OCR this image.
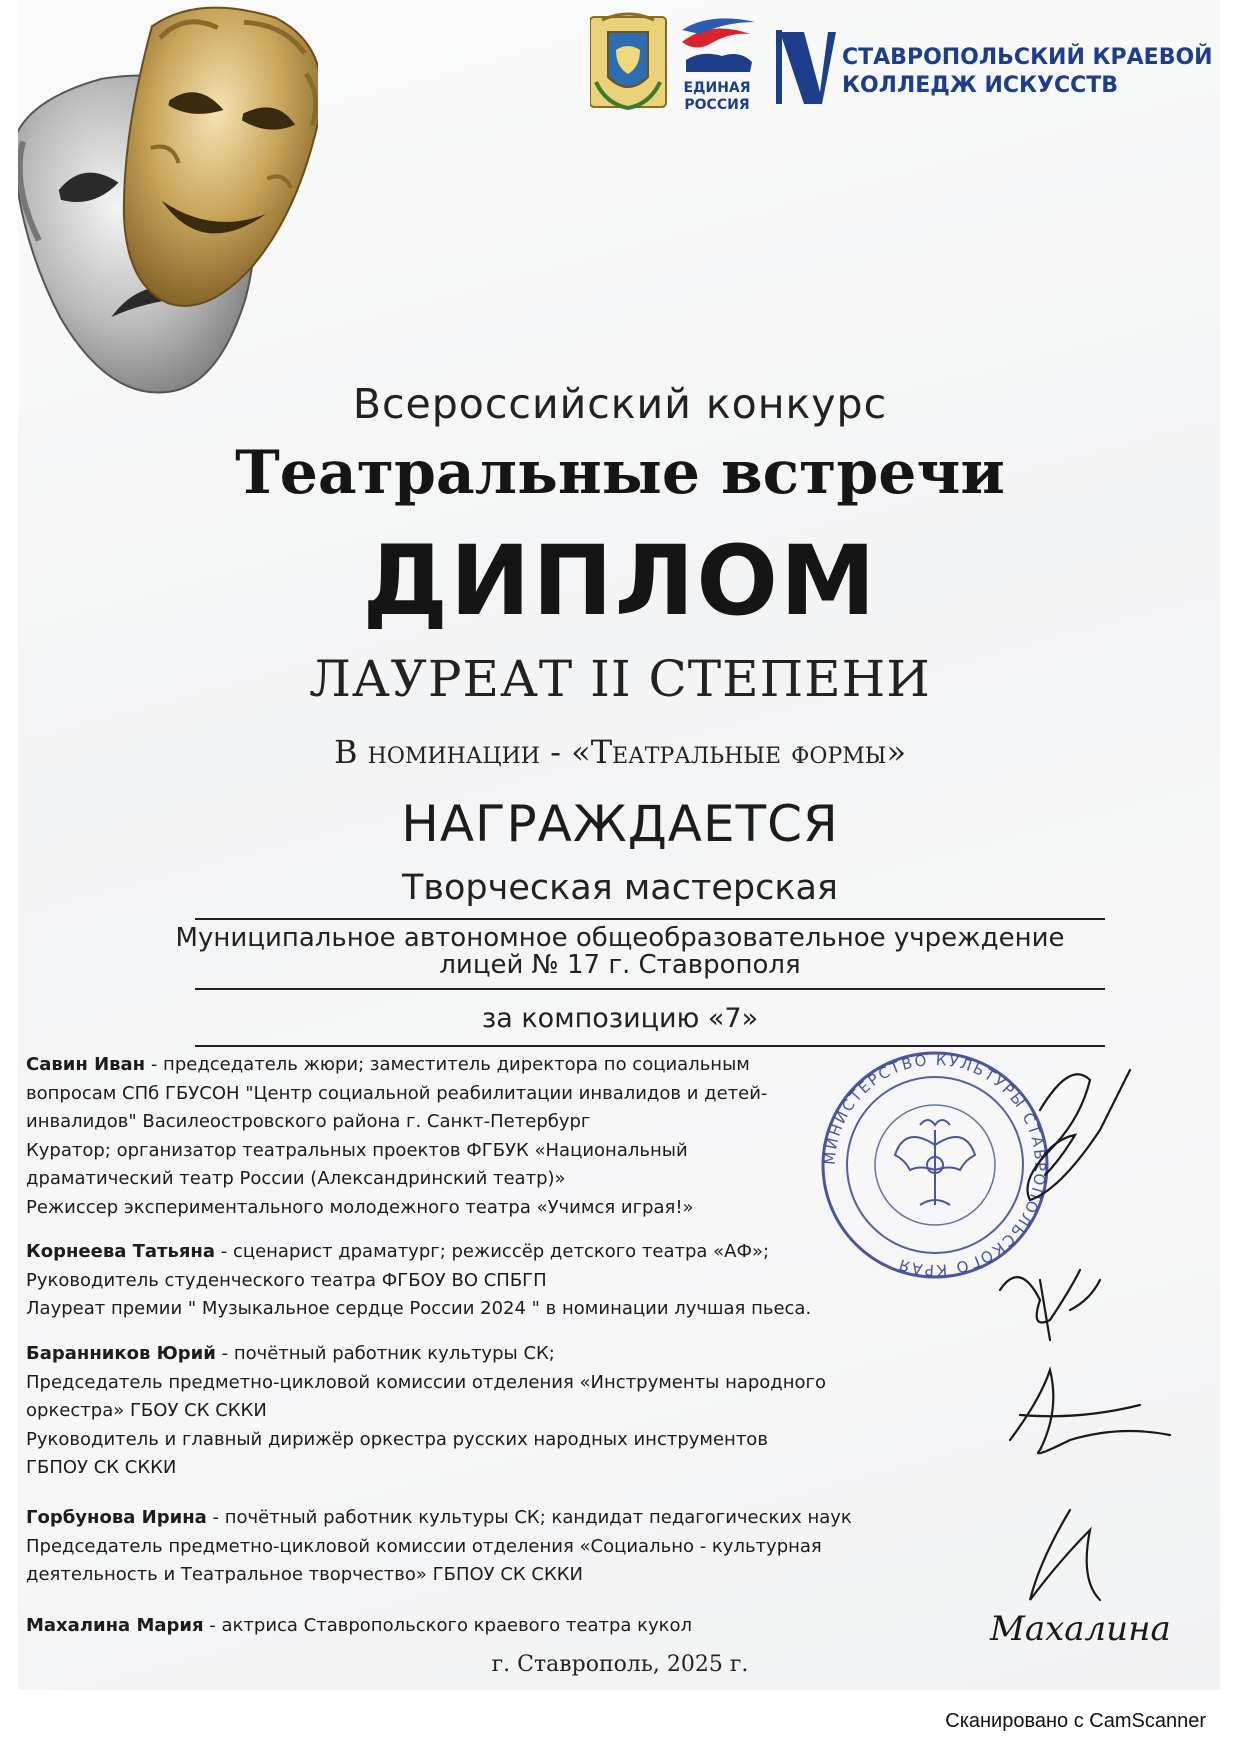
ЕДИНАЯ
РОССИЯ
СТАВРОПОЛЬСКИЙ КРАЕВОЙ
КОЛЛЕДЖ ИСКУССТВ
Всероссийский конкурс
Театральные встречи
ДИПЛОМ
ЛАУРЕАТ II СТЕПЕНИ
В номинации - «Театральные формы»
НАГРАЖДАЕТСЯ
Творческая мастерская
Муниципальное автономное общеобразовательное учреждение
лицей № 17 г. Ставрополя
за композицию «7»
Савин Иван - председатель жюри; заместитель директора по социальным
вопросам СПб ГБУСОН "Центр социальной реабилитации инвалидов и детей-
инвалидов" Василеостровского района г. Санкт-Петербург
Куратор; организатор театральных проектов ФГБУК «Национальный
драматический театр России (Александринский театр)»
Режиссер экспериментального молодежного театра «Учимся играя!»
Корнеева Татьяна - сценарист драматург; режиссёр детского театра «АФ»;
Руководитель студенческого театра ФГБОУ ВО СПБГП
Лауреат премии " Музыкальное сердце России 2024 " в номинации лучшая пьеса.
Баранников Юрий - почётный работник культуры СК;
Председатель предметно-цикловой комиссии отделения «Инструменты народного
оркестра» ГБОУ СК СККИ
Руководитель и главный дирижёр оркестра русских народных инструментов
ГБПОУ СК СККИ
Горбунова Ирина - почётный работник культуры СК; кандидат педагогических наук
Председатель предметно-цикловой комиссии отделения «Социально - культурная
деятельность и Театральное творчество» ГБПОУ СК СККИ
Махалина Мария - актриса Ставропольского краевого театра кукол
МИНИСТЕРСТВО КУЛЬТУРЫ СТАВРОПОЛЬСКОГО КРАЯ
Махалина
г. Ставрополь, 2025 г.
Сканировано с CamScanner
